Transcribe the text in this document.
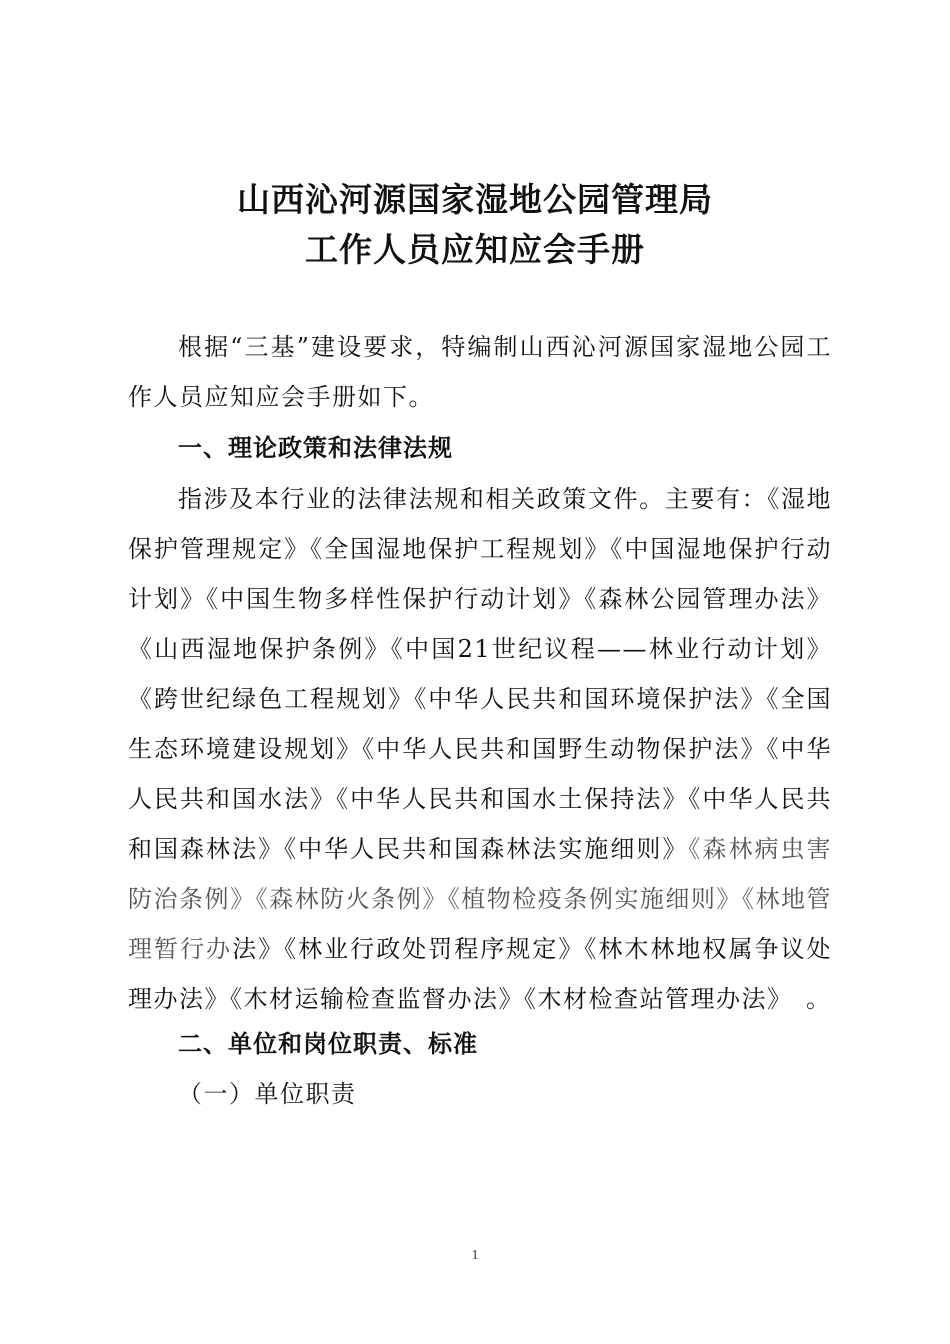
山西沁河源国家湿地公园管理局
工作人员应知应会手册

根据“三基”建设要求，特编制山西沁河源国家湿地公园工作人员应知应会手册如下。

一、理论政策和法律法规

指涉及本行业的法律法规和相关政策文件。主要有：《湿地保护管理规定》《全国湿地保护工程规划》《中国湿地保护行动计划》《中国生物多样性保护行动计划》《森林公园管理办法》《山西湿地保护条例》《中国21世纪议程——林业行动计划》《跨世纪绿色工程规划》《中华人民共和国环境保护法》《全国生态环境建设规划》《中华人民共和国野生动物保护法》《中华人民共和国水法》《中华人民共和国水土保持法》《中华人民共和国森林法》《中华人民共和国森林法实施细则》《森林病虫害防治条例》《森林防火条例》《植物检疫条例实施细则》《林地管理暂行办法》《林业行政处罚程序规定》《林木林地权属争议处理办法》《木材运输检查监督办法》《木材检查站管理办法》　。

二、单位和岗位职责、标准
（一）单位职责
1
